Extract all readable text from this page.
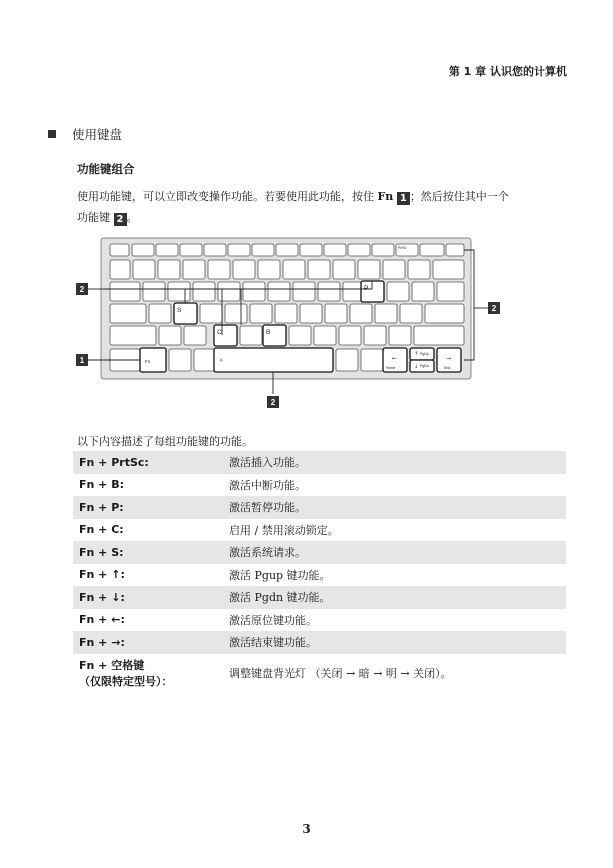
第 1 章 认识您的计算机
使用键盘
功能键组合
使用功能键，可以立即改变操作功能。若要使用此功能，按住 Fn 1 ；然后按住其中一个
功能键 2 。
P
S
C	B
Fn
PrtSc
PgUp
PgDn
Home	End
←
↑
↓
→
☼
2
2
1
2
以下内容描述了每组功能键的功能。
Fn + PrtSc:	激活插入功能。
Fn + B:	激活中断功能。
Fn + P:	激活暂停功能。
Fn + C:	启用 / 禁用滚动锁定。
Fn + S:	激活系统请求。
Fn + ↑:	激活 Pgup 键功能。
Fn + ↓:	激活 Pgdn 键功能。
Fn + ←:	激活原位键功能。
Fn + →:	激活结束键功能。
Fn + 空格键
（仅限特定型号）：	调整键盘背光灯 （关闭 → 暗 → 明 → 关闭）。
3
